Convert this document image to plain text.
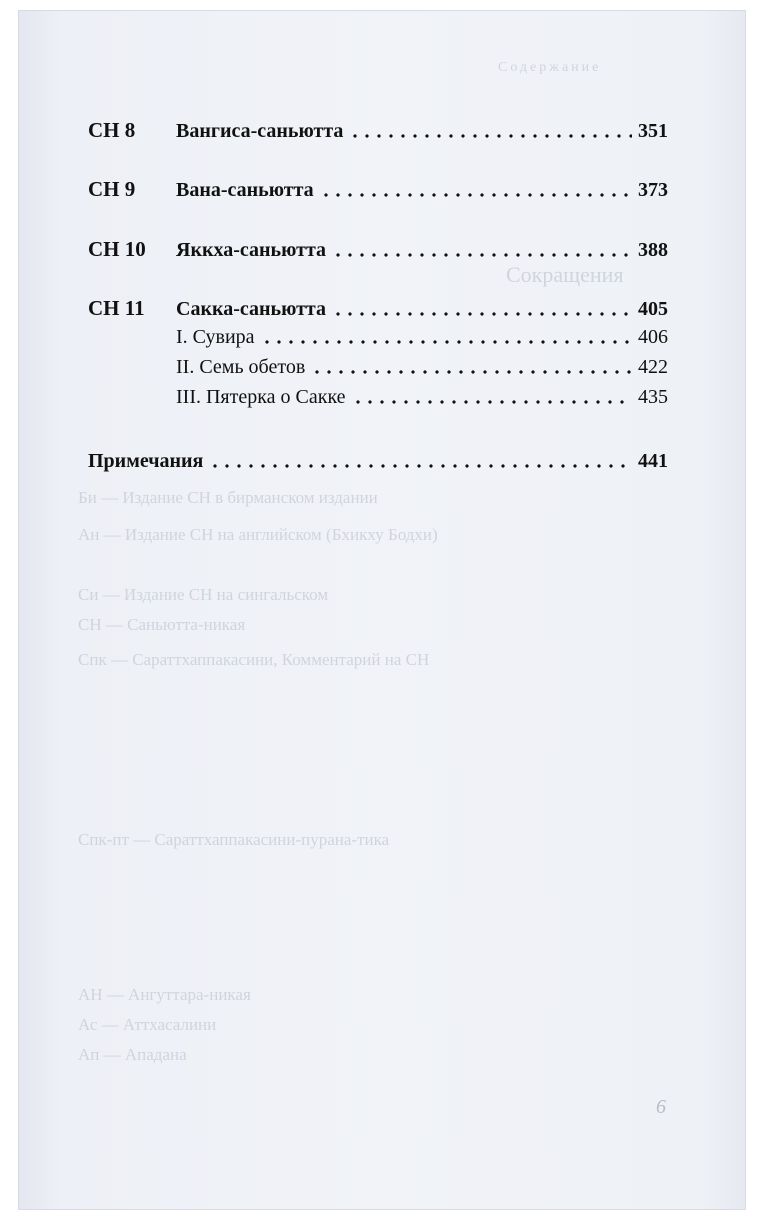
Содержание
Сокращения
Би — Издание СН в бирманском издании
Ан — Издание СН на английском (Бхикху Бодхи)
Си — Издание СН на сингальском
СН — Саньютта-никая
Спк — Сараттхаппакасини, Комментарий на СН
Спк-пт — Сараттхаппакасини-пурана-тика
АН — Ангуттара-никая
Ас — Аттхасалини
Ап — Ападана
СН 8	Вангиса-саньютта	351
СН 9	Вана-саньютта	373
СН 10	Яккха-саньютта	388
СН 11	Сакка-саньютта	405
I. Сувира	406
II. Семь обетов	422
III. Пятерка о Сакке	435
Примечания	441
6
